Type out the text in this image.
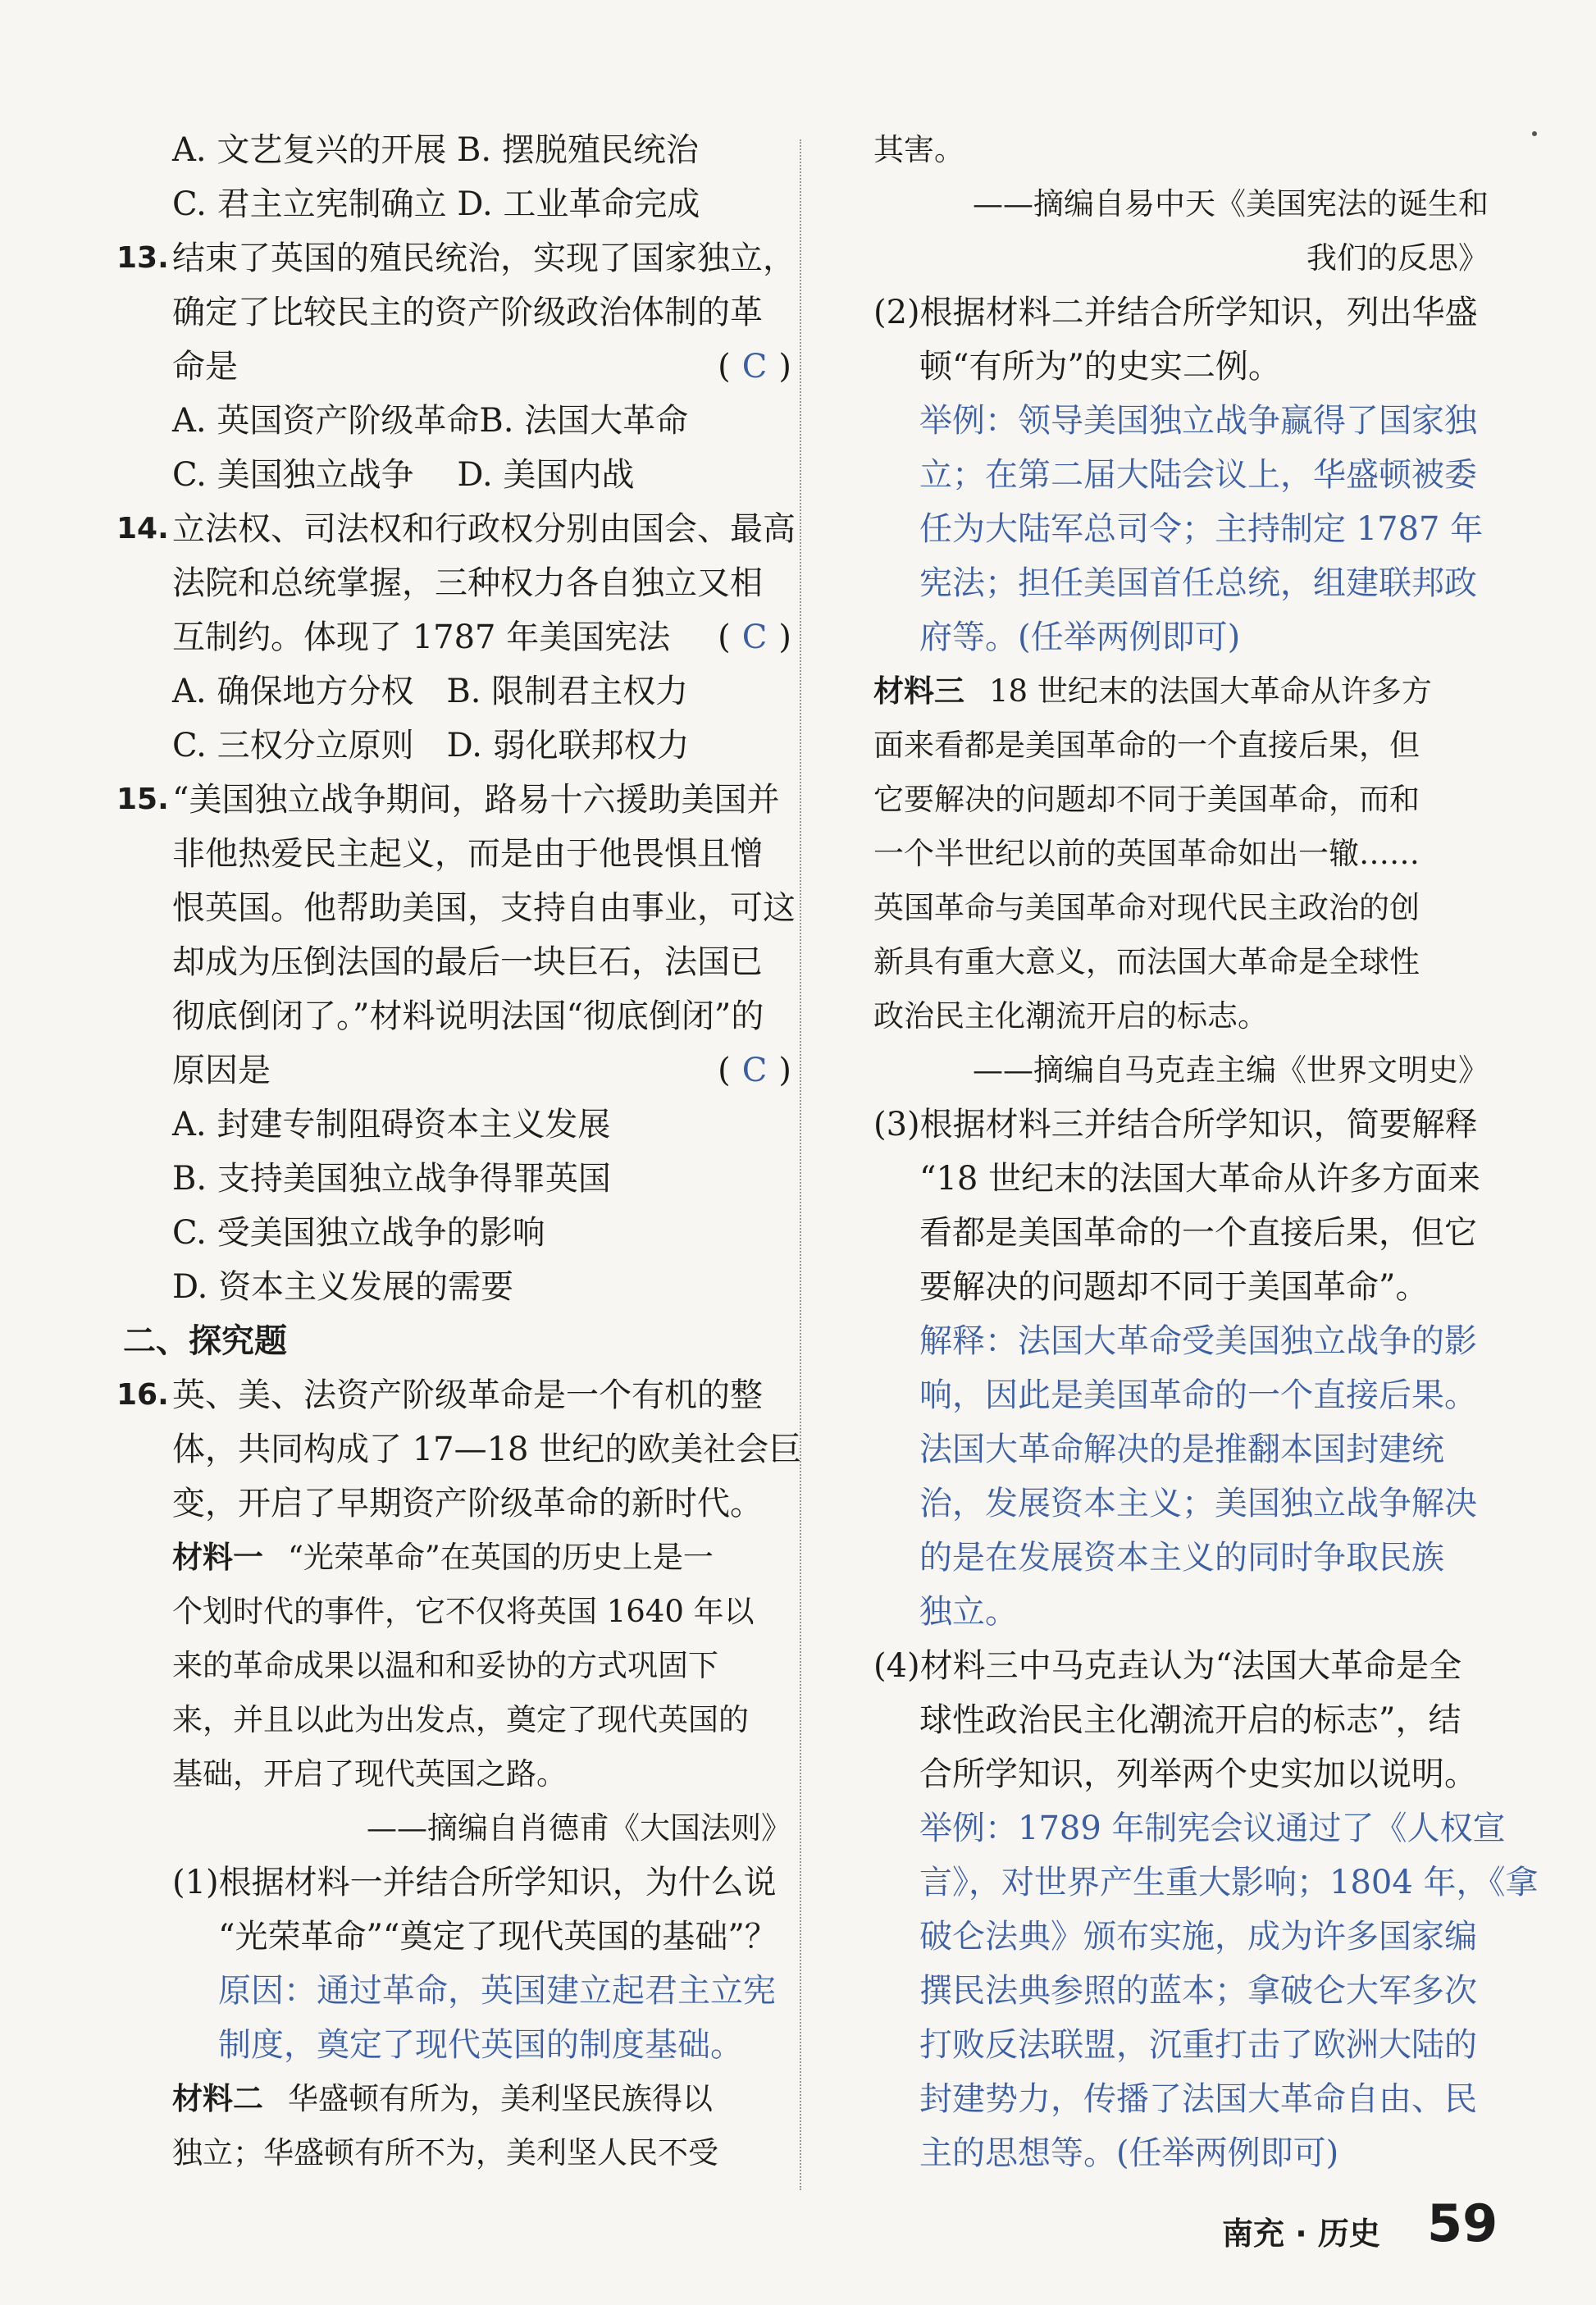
A. 文艺复兴的开展 B. 摆脱殖民统治
C. 君主立宪制确立 D. 工业革命完成
13. 结束了英国的殖民统治，实现了国家独立，
确定了比较民主的资产阶级政治体制的革
命是	( C )
A. 英国资产阶级革命B. 法国大革命
C. 美国独立战争　 D. 美国内战
14. 立法权、司法权和行政权分别由国会、最高
法院和总统掌握，三种权力各自独立又相
互制约。体现了 1787 年美国宪法 ( C )
A. 确保地方分权　B. 限制君主权力
C. 三权分立原则　D. 弱化联邦权力
15. “美国独立战争期间，路易十六援助美国并
非他热爱民主起义，而是由于他畏惧且憎
恨英国。他帮助美国，支持自由事业，可这
却成为压倒法国的最后一块巨石，法国已
彻底倒闭了。”材料说明法国“彻底倒闭”的
原因是	( C )
A. 封建专制阻碍资本主义发展
B. 支持美国独立战争得罪英国
C. 受美国独立战争的影响
D. 资本主义发展的需要
二、探究题
16. 英、美、法资产阶级革命是一个有机的整
体，共同构成了 17—18 世纪的欧美社会巨
变，开启了早期资产阶级革命的新时代。
材料一 “光荣革命”在英国的历史上是一
个划时代的事件，它不仅将英国 1640 年以
来的革命成果以温和和妥协的方式巩固下
来，并且以此为出发点，奠定了现代英国的
基础，开启了现代英国之路。
——摘编自肖德甫《大国法则》
(1)根据材料一并结合所学知识，为什么说
“光荣革命”“奠定了现代英国的基础”？
原因：通过革命，英国建立起君主立宪
制度，奠定了现代英国的制度基础。
材料二 华盛顿有所为，美利坚民族得以
独立；华盛顿有所不为，美利坚人民不受
其害。
——摘编自易中天《美国宪法的诞生和
我们的反思》
(2)根据材料二并结合所学知识，列出华盛
顿“有所为”的史实二例。
举例：领导美国独立战争赢得了国家独
立；在第二届大陆会议上，华盛顿被委
任为大陆军总司令；主持制定 1787 年
宪法；担任美国首任总统，组建联邦政
府等。(任举两例即可)
材料三 18 世纪末的法国大革命从许多方
面来看都是美国革命的一个直接后果，但
它要解决的问题却不同于美国革命，而和
一个半世纪以前的英国革命如出一辙……
英国革命与美国革命对现代民主政治的创
新具有重大意义，而法国大革命是全球性
政治民主化潮流开启的标志。
——摘编自马克垚主编《世界文明史》
(3)根据材料三并结合所学知识，简要解释
“18 世纪末的法国大革命从许多方面来
看都是美国革命的一个直接后果，但它
要解决的问题却不同于美国革命”。
解释：法国大革命受美国独立战争的影
响，因此是美国革命的一个直接后果。
法国大革命解决的是推翻本国封建统
治，发展资本主义；美国独立战争解决
的是在发展资本主义的同时争取民族
独立。
(4)材料三中马克垚认为“法国大革命是全
球性政治民主化潮流开启的标志”，结
合所学知识，列举两个史实加以说明。
举例：1789 年制宪会议通过了《人权宣
言》，对世界产生重大影响；1804 年，《拿
破仑法典》颁布实施，成为许多国家编
撰民法典参照的蓝本；拿破仑大军多次
打败反法联盟，沉重打击了欧洲大陆的
封建势力，传播了法国大革命自由、民
主的思想等。(任举两例即可)
南充 · 历史 59
